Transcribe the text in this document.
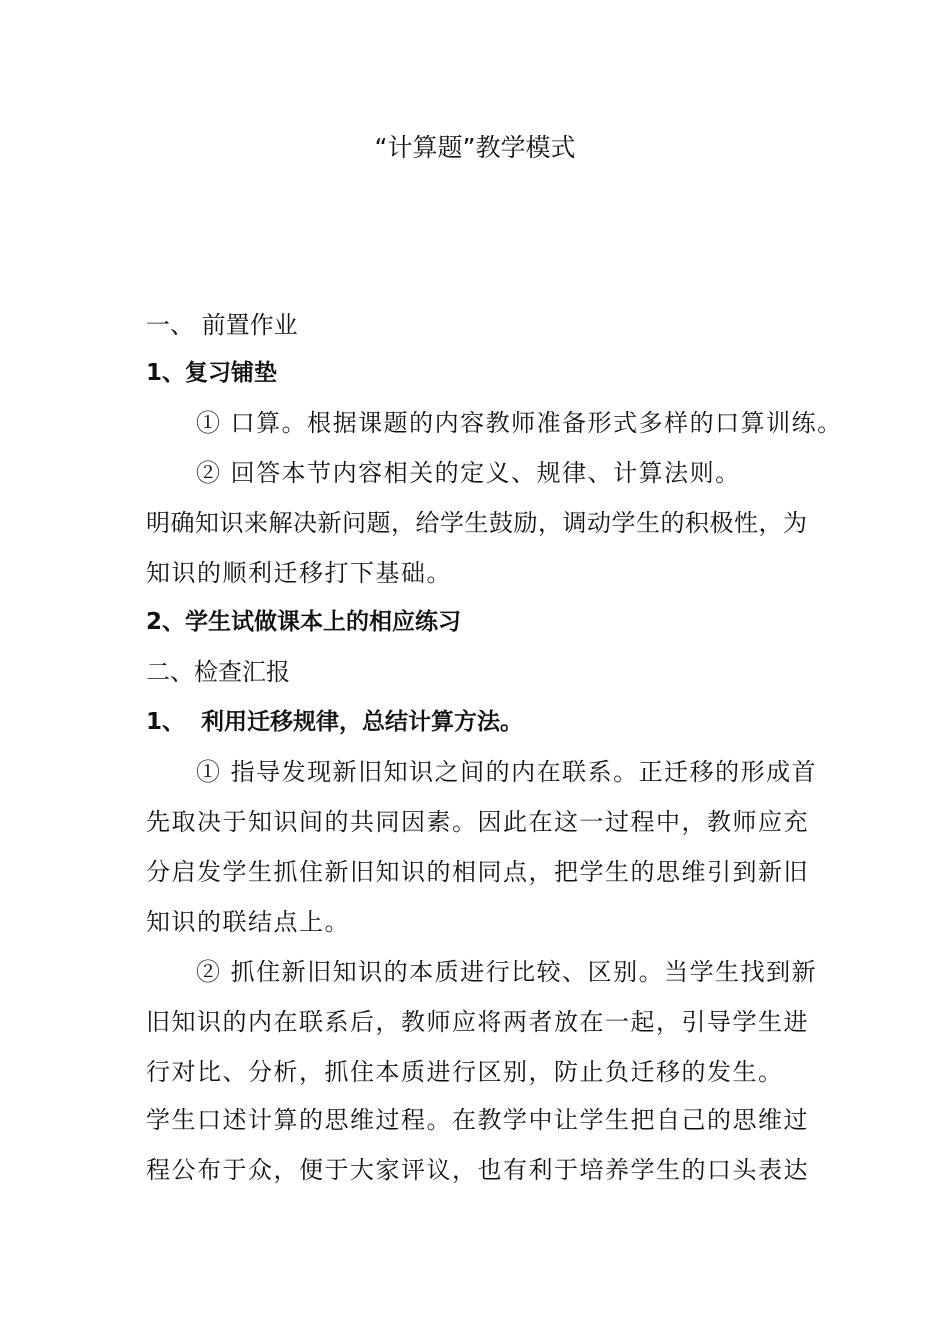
“计算题”教学模式
一、 前置作业
1、复习铺垫
① 口算。根据课题的内容教师准备形式多样的口算训练。
② 回答本节内容相关的定义、规律、计算法则。
明确知识来解决新问题，给学生鼓励，调动学生的积极性，为
知识的顺利迁移打下基础。
2、学生试做课本上的相应练习
二、检查汇报
1、  利用迁移规律，总结计算方法。
① 指导发现新旧知识之间的内在联系。正迁移的形成首
先取决于知识间的共同因素。因此在这一过程中，教师应充
分启发学生抓住新旧知识的相同点，把学生的思维引到新旧
知识的联结点上。
② 抓住新旧知识的本质进行比较、区别。当学生找到新
旧知识的内在联系后，教师应将两者放在一起，引导学生进
行对比、分析，抓住本质进行区别，防止负迁移的发生。
学生口述计算的思维过程。在教学中让学生把自己的思维过
程公布于众，便于大家评议，也有利于培养学生的口头表达
